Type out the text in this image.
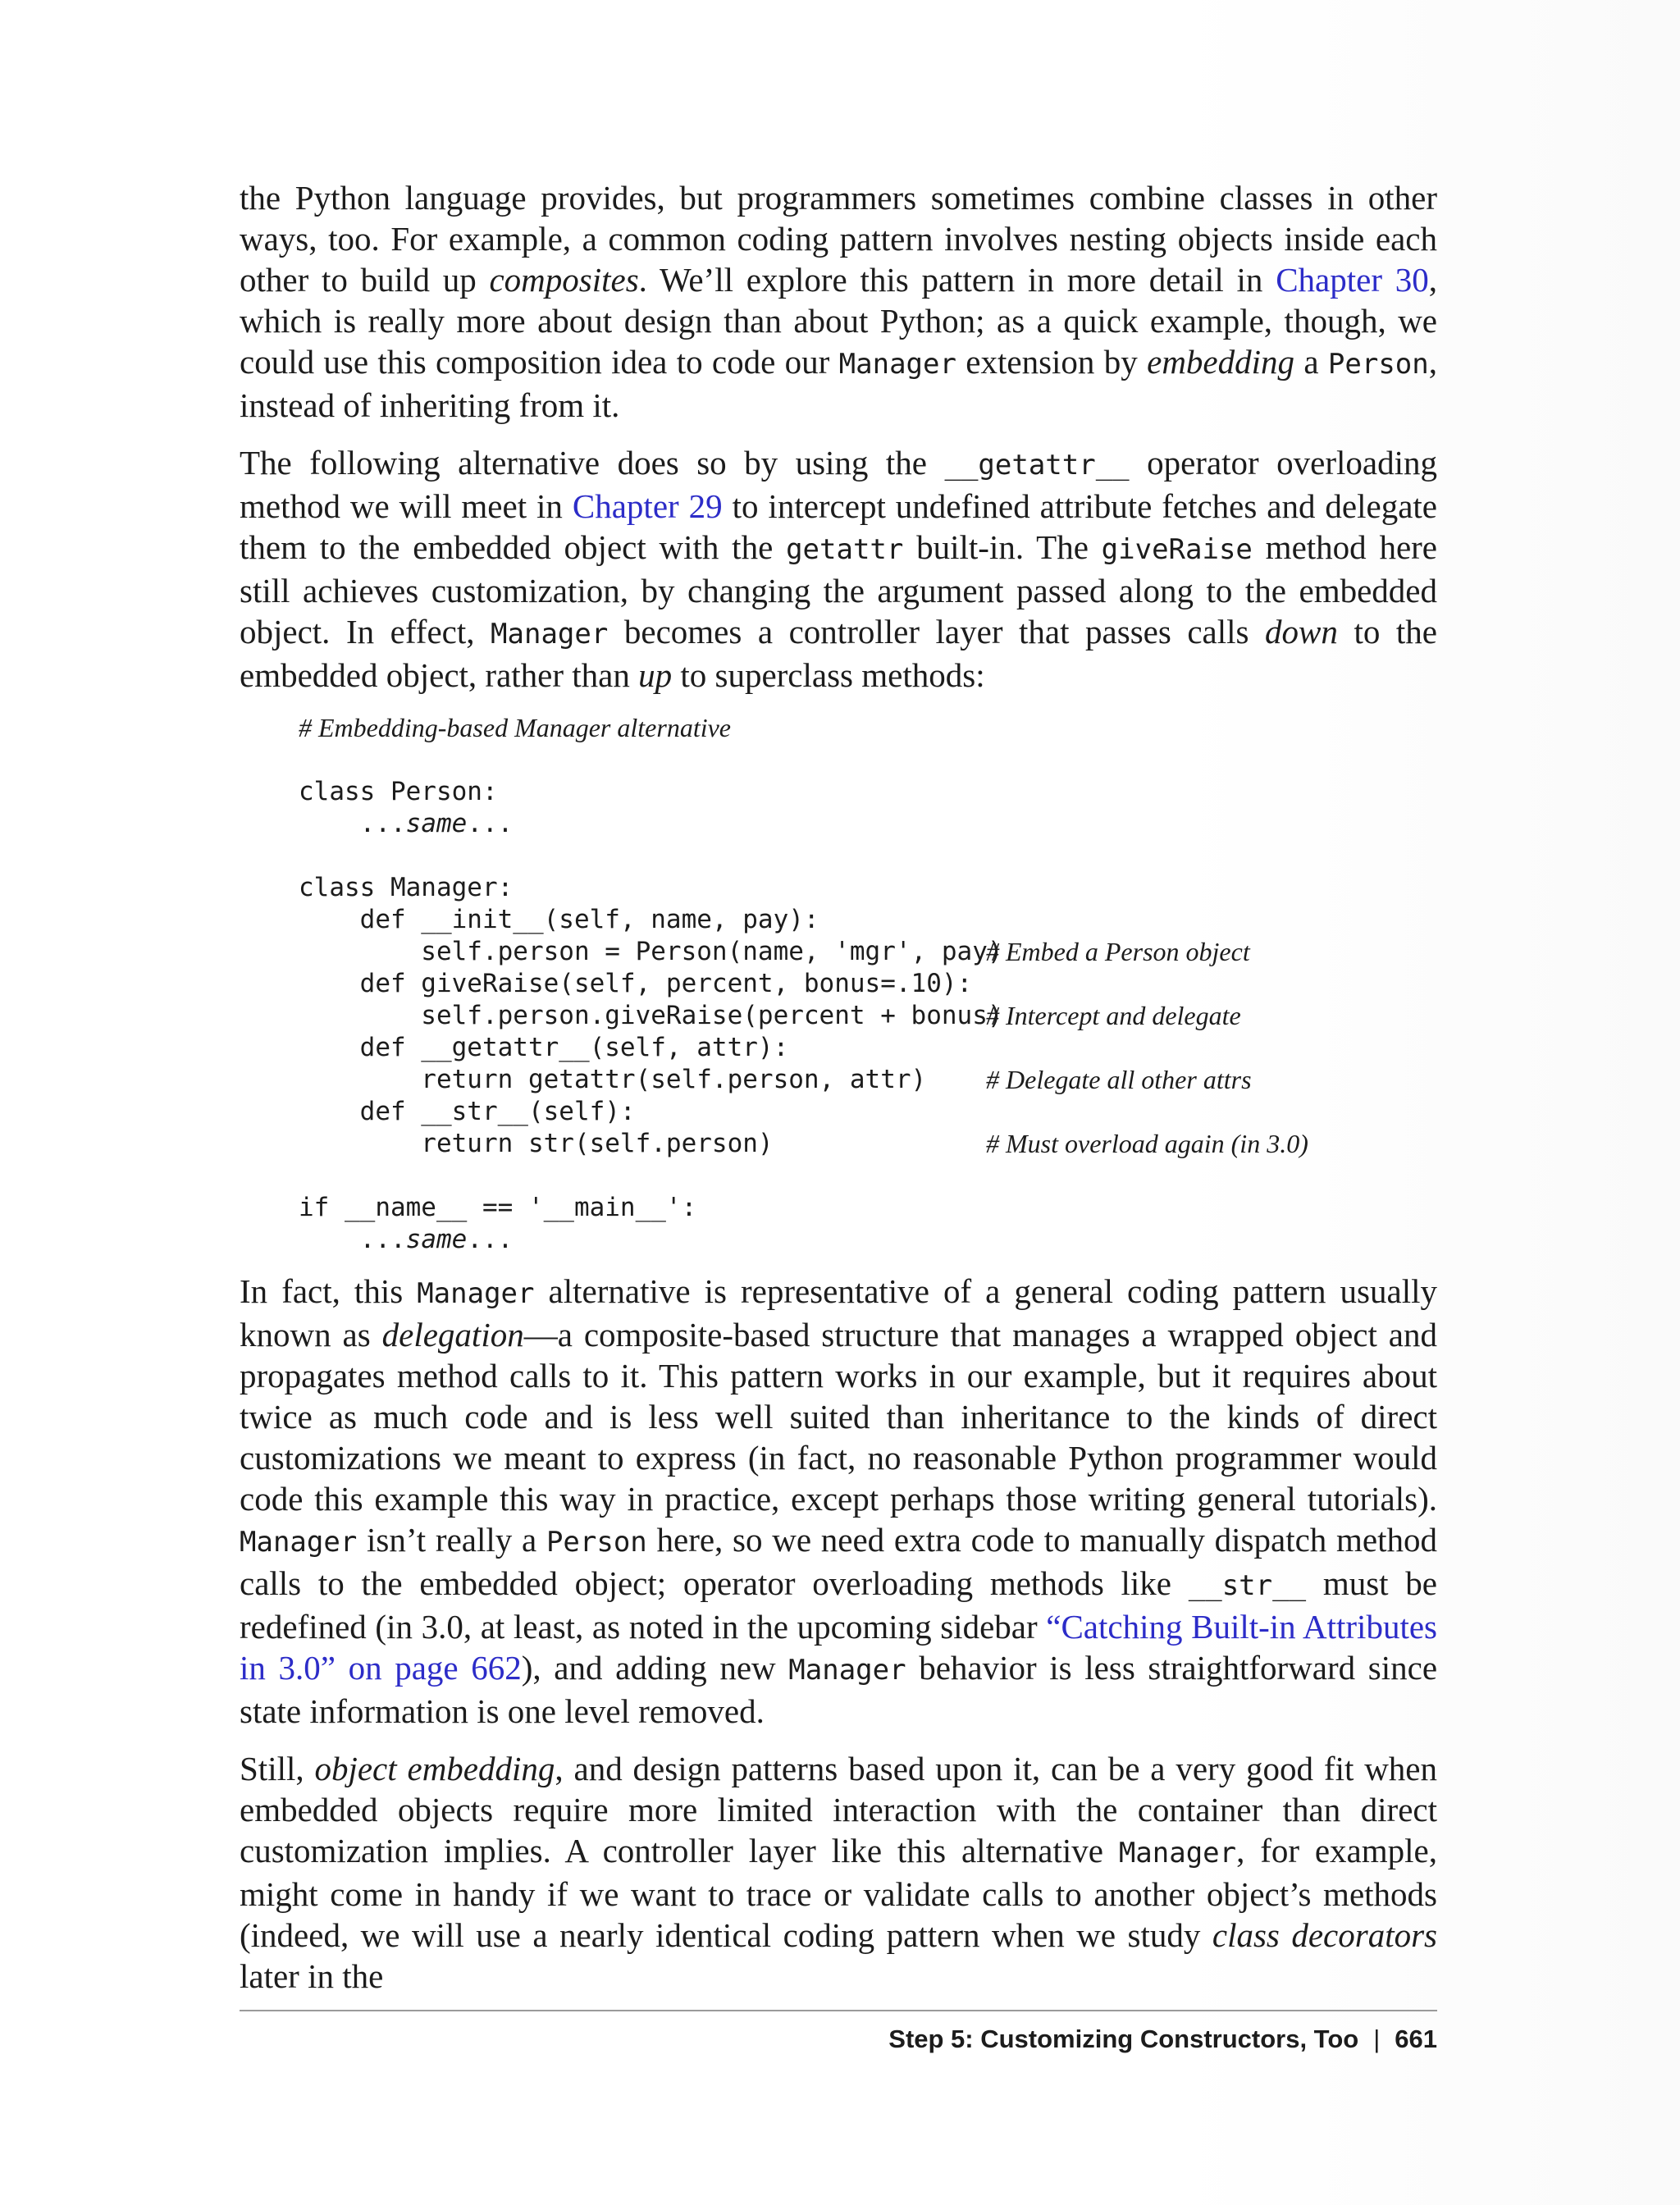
the Python language provides, but programmers sometimes combine classes in other ways, too. For example, a common coding pattern involves nesting objects inside each other to build up composites. We’ll explore this pattern in more detail in Chapter 30, which is really more about design than about Python; as a quick example, though, we could use this composition idea to code our Manager extension by embedding a Person, instead of inheriting from it.

The following alternative does so by using the __getattr__ operator overloading method we will meet in Chapter 29 to intercept undefined attribute fetches and delegate them to the embedded object with the getattr built-in. The giveRaise method here still achieves customization, by changing the argument passed along to the embedded object. In effect, Manager becomes a controller layer that passes calls down to the embedded object, rather than up to superclass methods:

# Embedding-based Manager alternative
class Person:
...same...
class Manager:
def __init__(self, name, pay):
self.person = Person(name, 'mgr', pay)
# Embed a Person object
def giveRaise(self, percent, bonus=.10):
self.person.giveRaise(percent + bonus)
# Intercept and delegate
def __getattr__(self, attr):
return getattr(self.person, attr) # Delegate all other attrs
def __str__(self):
return str(self.person)	# Must overload again (in 3.0)
if __name__ == '__main__':
...same...

In fact, this Manager alternative is representative of a general coding pattern usually known as delegation—a composite-based structure that manages a wrapped object and propagates method calls to it. This pattern works in our example, but it requires about twice as much code and is less well suited than inheritance to the kinds of direct customizations we meant to express (in fact, no reasonable Python programmer would code this example this way in practice, except perhaps those writing general tutorials). Manager isn’t really a Person here, so we need extra code to manually dispatch method calls to the embedded object; operator overloading methods like __str__ must be redefined (in 3.0, at least, as noted in the upcoming sidebar “Catching Built-in Attributes in 3.0” on page 662), and adding new Manager behavior is less straightforward since state information is one level removed.

Still, object embedding, and design patterns based upon it, can be a very good fit when embedded objects require more limited interaction with the container than direct customization implies. A controller layer like this alternative Manager, for example, might come in handy if we want to trace or validate calls to another object’s methods (indeed, we will use a nearly identical coding pattern when we study class decorators later in the

Step 5: Customizing Constructors, Too | 661
